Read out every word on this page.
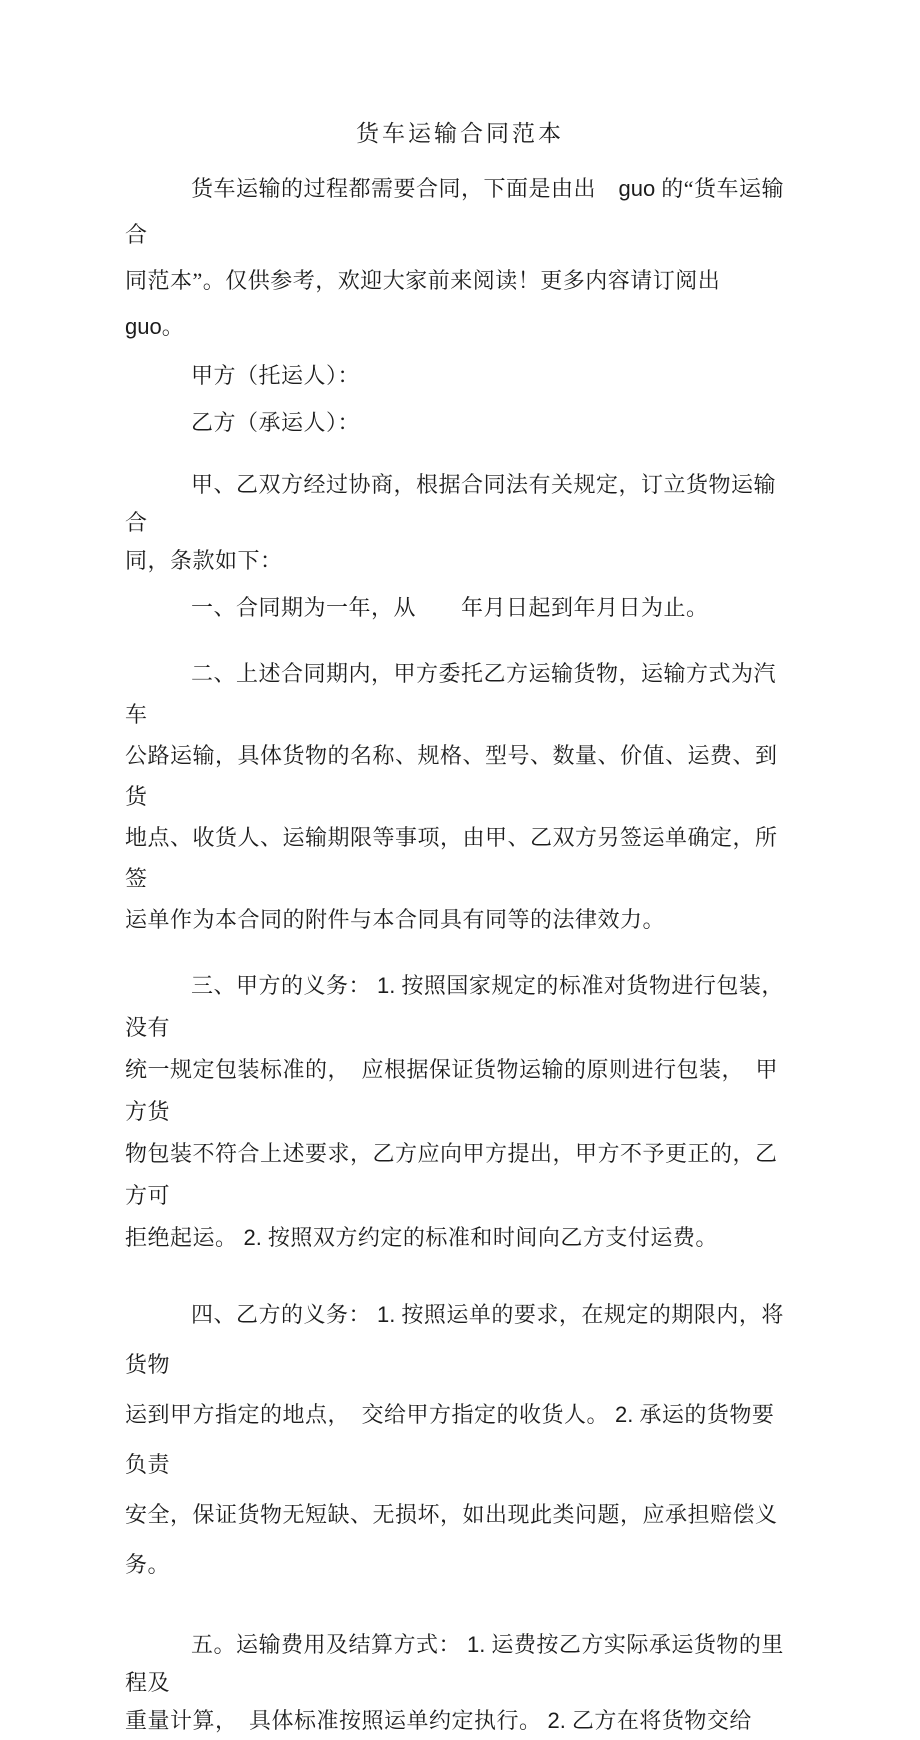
货车运输合同范本
货车运输的过程都需要合同，下面是由出　guo 的“货车运输合
同范本”。仅供参考，欢迎大家前来阅读！更多内容请订阅出　　guo。
甲方（托运人）：
乙方（承运人）：
甲、乙双方经过协商，根据合同法有关规定，订立货物运输合
同，条款如下：
一、合同期为一年，从　　年月日起到年月日为止。
二、上述合同期内，甲方委托乙方运输货物，运输方式为汽车
公路运输，具体货物的名称、规格、型号、数量、价值、运费、到货
地点、收货人、运输期限等事项，由甲、乙双方另签运单确定，所签
运单作为本合同的附件与本合同具有同等的法律效力。
三、甲方的义务： 1. 按照国家规定的标准对货物进行包装，没有
统一规定包装标准的，　应根据保证货物运输的原则进行包装，　甲方货
物包装不符合上述要求，乙方应向甲方提出，甲方不予更正的，乙方可
拒绝起运。 2. 按照双方约定的标准和时间向乙方支付运费。
四、乙方的义务： 1. 按照运单的要求，在规定的期限内，将货物
运到甲方指定的地点，　交给甲方指定的收货人。 2. 承运的货物要负责
安全，保证货物无短缺、无损坏，如出现此类问题，应承担赔偿义务。
五。运输费用及结算方式： 1. 运费按乙方实际承运货物的里程及
重量计算，　具体标准按照运单约定执行。 2. 乙方在将货物交给
